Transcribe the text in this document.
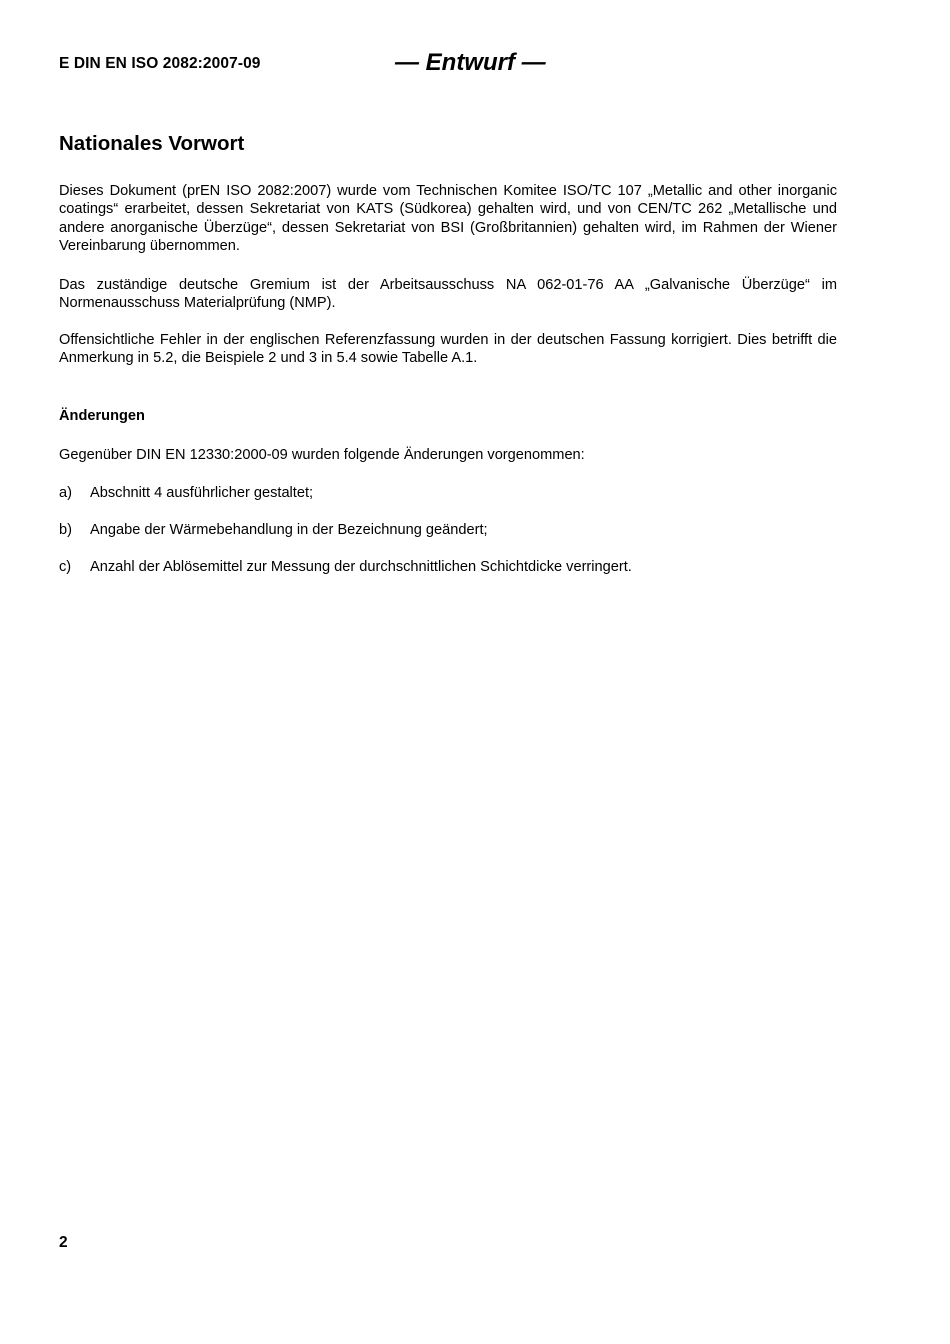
E DIN EN ISO 2082:2007-09	— Entwurf —
Nationales Vorwort

Dieses Dokument (prEN ISO 2082:2007) wurde vom Technischen Komitee ISO/TC 107 „Metallic and other inorganic coatings“ erarbeitet, dessen Sekretariat von KATS (Südkorea) gehalten wird, und von CEN/TC 262 „Metallische und andere anorganische Überzüge“, dessen Sekretariat von BSI (Großbritannien) gehalten wird, im Rahmen der Wiener Vereinbarung übernommen.

Das zuständige deutsche Gremium ist der Arbeitsausschuss NA 062-01-76 AA „Galvanische Überzüge“ im Normenausschuss Materialprüfung (NMP).

Offensichtliche Fehler in der englischen Referenzfassung wurden in der deutschen Fassung korrigiert. Dies betrifft die Anmerkung in 5.2, die Beispiele 2 und 3 in 5.4 sowie Tabelle A.1.

Änderungen

Gegenüber DIN EN 12330:2000-09 wurden folgende Änderungen vorgenommen:

a) Abschnitt 4 ausführlicher gestaltet;
b) Angabe der Wärmebehandlung in der Bezeichnung geändert;
c) Anzahl der Ablösemittel zur Messung der durchschnittlichen Schichtdicke verringert.
2
